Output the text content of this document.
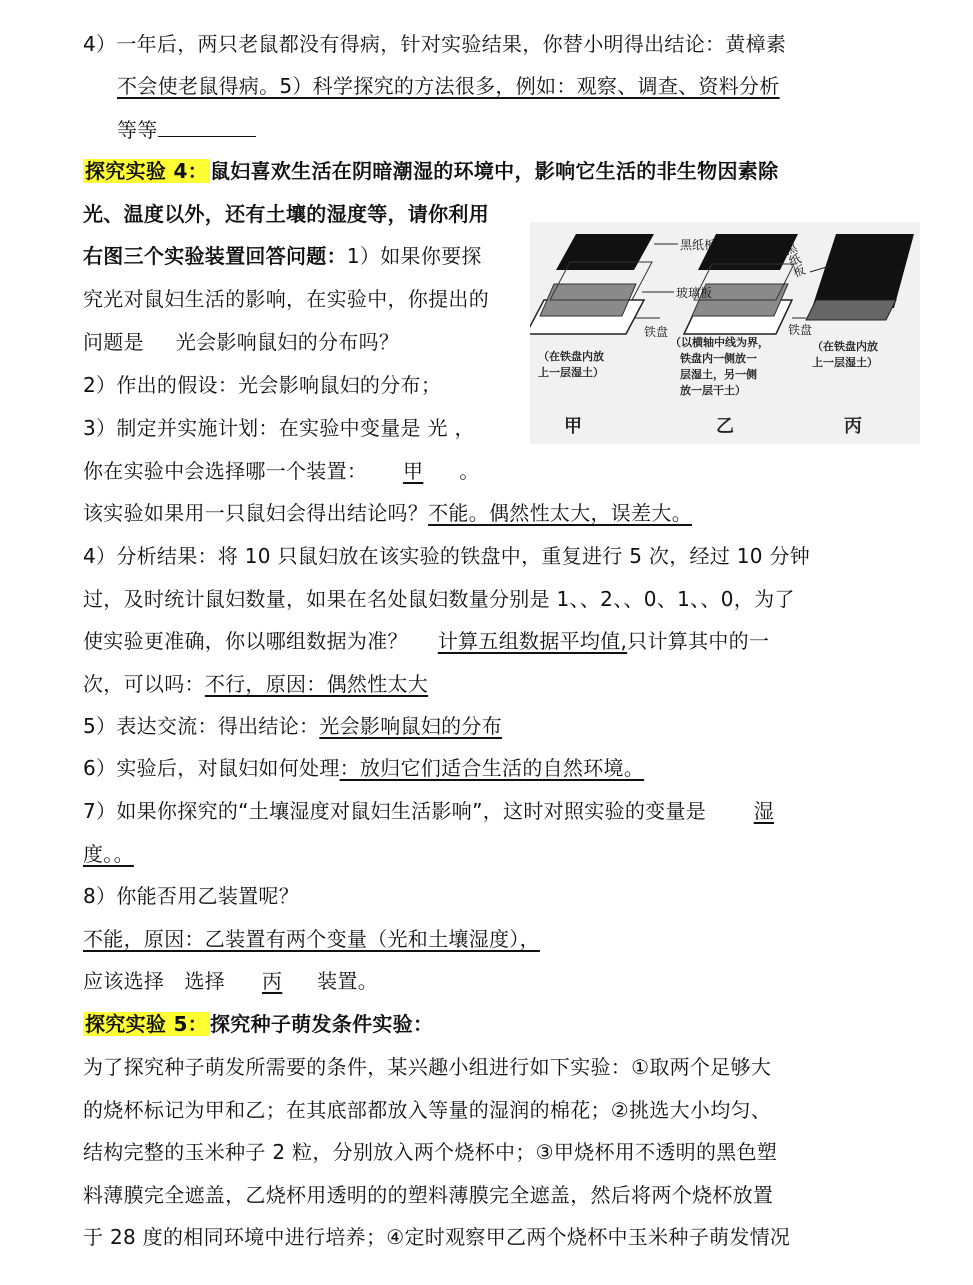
4）一年后，两只老鼠都没有得病，针对实验结果，你替小明得出结论：黄樟素
不会使老鼠得病。5）科学探究的方法很多，例如：观察、调查、资料分析
等等
探究实验 4： 鼠妇喜欢生活在阴暗潮湿的环境中，影响它生活的非生物因素除
光、温度以外，还有土壤的湿度等，请你利用
右图三个实验装置回答问题：1）如果你要探
究光对鼠妇生活的影响，在实验中，你提出的
问题是 光会影响鼠妇的分布吗？
2）作出的假设：光会影响鼠妇的分布；
3）制定并实施计划：在实验中变量是 光 ，
你在实验中会选择哪一个装置： 甲 。
该实验如果用一只鼠妇会得出结论吗？不能。偶然性太大，误差大。
4）分析结果：将 10 只鼠妇放在该实验的铁盘中，重复进行 5 次，经过 10 分钟
过，及时统计鼠妇数量，如果在名处鼠妇数量分别是 1、、2、、0、1、、0，为了
使实验更准确，你以哪组数据为准？ 计算五组数据平均值,只计算其中的一
次，可以吗：不行，原因：偶然性太大
5）表达交流：得出结论：光会影响鼠妇的分布
6）实验后，对鼠妇如何处理：放归它们适合生活的自然环境。
7）如果你探究的“土壤湿度对鼠妇生活影响”，这时对照实验的变量是 湿
度。。
8）你能否用乙装置呢？
不能，原因：乙装置有两个变量（光和土壤湿度），
应该选择　选择 丙 装置。
探究实验 5： 探究种子萌发条件实验：
为了探究种子萌发所需要的条件，某兴趣小组进行如下实验：①取两个足够大
的烧杯标记为甲和乙；在其底部都放入等量的湿润的棉花；②挑选大小均匀、
结构完整的玉米种子 2 粒，分别放入两个烧杯中；③甲烧杯用不透明的黑色塑
料薄膜完全遮盖，乙烧杯用透明的的塑料薄膜完全遮盖，然后将两个烧杯放置
于 28 度的相同环境中进行培养；④定时观察甲乙两个烧杯中玉米种子萌发情况
黑纸板
玻璃板
铁盘	铁盘
黑纸板
（在铁盘内放
上一层湿土）
（以横轴中线为界，
铁盘内一侧放一
层湿土，另一侧
放一层干土）
（在铁盘内放
上一层湿土）
甲	乙	丙
